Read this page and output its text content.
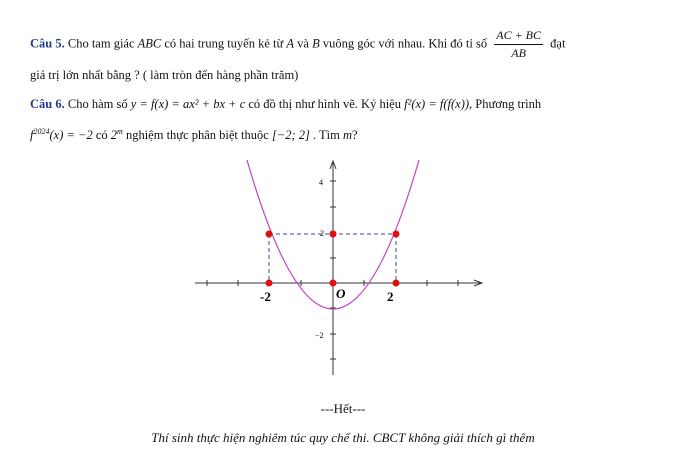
Câu 5. Cho tam giác ABC có hai trung tuyến kẻ từ A và B vuông góc với nhau. Khi đó tỉ số $\frac{AC + BC}{AB}$ đạt
giá trị lớn nhất bằng ? ( làm tròn đến hàng phần trăm)
Câu 6. Cho hàm số y = f(x) = ax² + bx + c có đồ thị như hình vẽ. Ký hiệu f²(x) = f(f(x)), Phương trình
$f^{2024}(x) = -2$ có 2$^m$ nghiệm thực phân biệt thuộc [−2; 2] . Tìm m?
4
2
−2
-2	O	2
---Hết---
Thí sinh thực hiện nghiêm túc quy chế thi. CBCT không giải thích gì thêm
